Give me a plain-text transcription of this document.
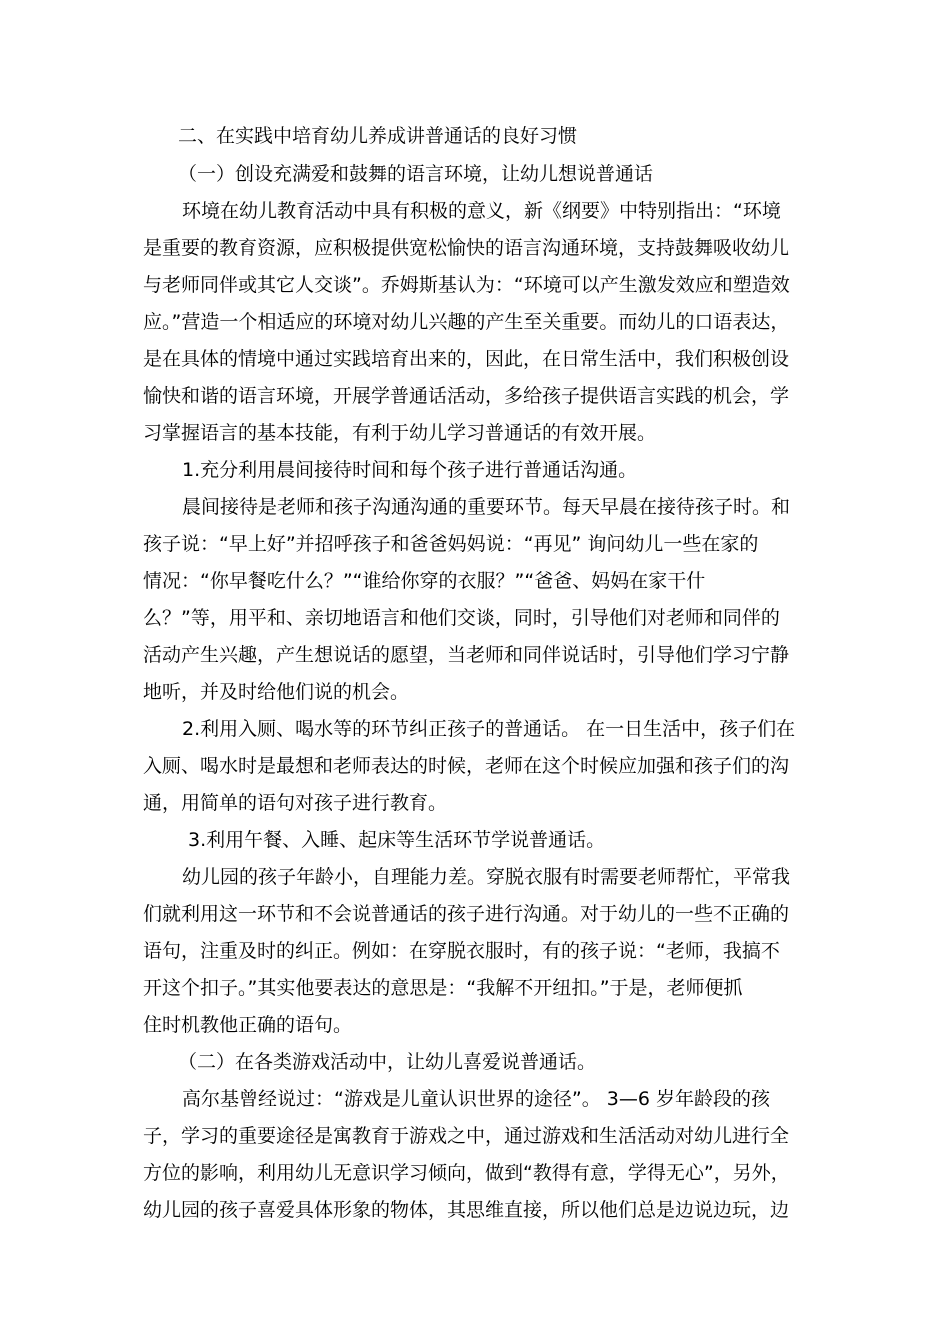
二、在实践中培育幼儿养成讲普通话的良好习惯
（一）创设充满爱和鼓舞的语言环境，让幼儿想说普通话
环境在幼儿教育活动中具有积极的意义，新《纲要》中特别指出：“环境
是重要的教育资源，应积极提供宽松愉快的语言沟通环境，支持鼓舞吸收幼儿
与老师同伴或其它人交谈”。乔姆斯基认为：“环境可以产生激发效应和塑造效
应。”营造一个相适应的环境对幼儿兴趣的产生至关重要。而幼儿的口语表达，
是在具体的情境中通过实践培育出来的，因此，在日常生活中，我们积极创设
愉快和谐的语言环境，开展学普通话活动，多给孩子提供语言实践的机会，学
习掌握语言的基本技能，有利于幼儿学习普通话的有效开展。
1.充分利用晨间接待时间和每个孩子进行普通话沟通。
晨间接待是老师和孩子沟通沟通的重要环节。每天早晨在接待孩子时。和
孩子说：“早上好”并招呼孩子和爸爸妈妈说：“再见” 询问幼儿一些在家的
情况：“你早餐吃什么？”“谁给你穿的衣服？”“爸爸、妈妈在家干什
么？”等，用平和、亲切地语言和他们交谈，同时，引导他们对老师和同伴的
活动产生兴趣，产生想说话的愿望，当老师和同伴说话时，引导他们学习宁静
地听，并及时给他们说的机会。
2.利用入厕、喝水等的环节纠正孩子的普通话。 在一日生活中，孩子们在
入厕、喝水时是最想和老师表达的时候，老师在这个时候应加强和孩子们的沟
通，用简单的语句对孩子进行教育。
3.利用午餐、入睡、起床等生活环节学说普通话。
幼儿园的孩子年龄小，自理能力差。穿脱衣服有时需要老师帮忙，平常我
们就利用这一环节和不会说普通话的孩子进行沟通。对于幼儿的一些不正确的
语句，注重及时的纠正。例如：在穿脱衣服时，有的孩子说：“老师，我搞不
开这个扣子。”其实他要表达的意思是：“我解不开纽扣。”于是，老师便抓
住时机教他正确的语句。
（二）在各类游戏活动中，让幼儿喜爱说普通话。
高尔基曾经说过：“游戏是儿童认识世界的途径”。 3—6 岁年龄段的孩
子，学习的重要途径是寓教育于游戏之中，通过游戏和生活活动对幼儿进行全
方位的影响，利用幼儿无意识学习倾向，做到“教得有意，学得无心”，另外，
幼儿园的孩子喜爱具体形象的物体，其思维直接，所以他们总是边说边玩，边
